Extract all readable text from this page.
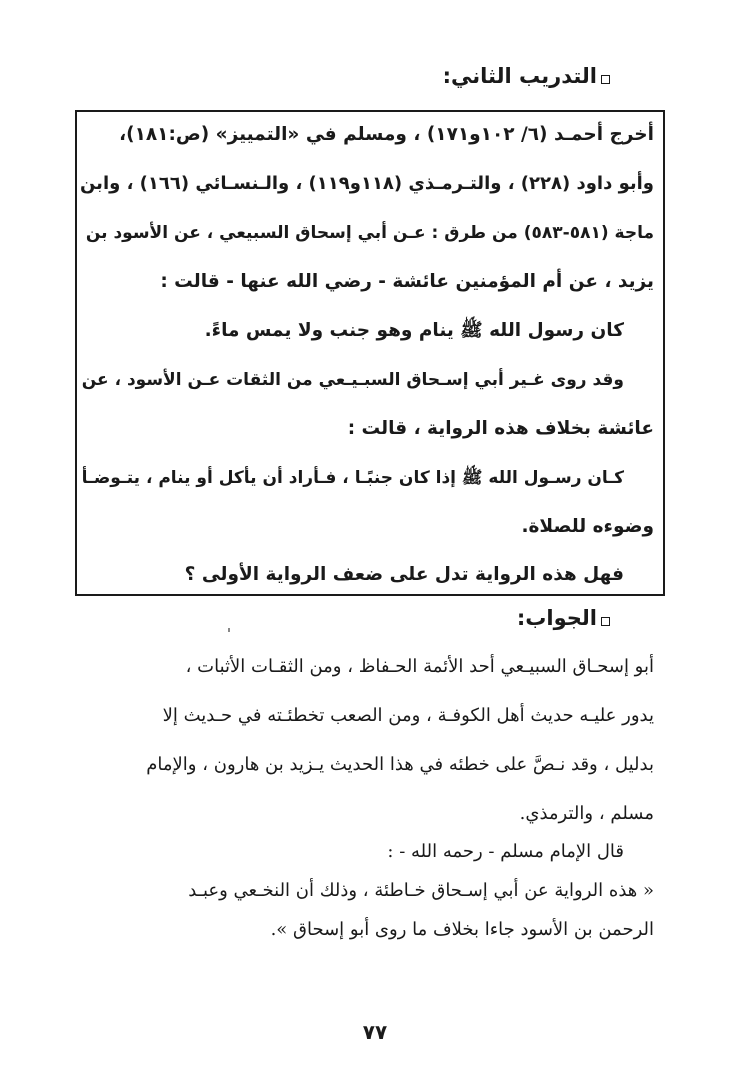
التدريب الثاني:
أخرج أحمـد (٦/ ١٠٢و١٧١) ، ومسلم في «التمييز» (ص:١٨١)،
وأبو داود (٢٢٨) ، والتـرمـذي (١١٨و١١٩) ، والـنسـائي (١٦٦) ، وابن
ماجة (٥٨١-٥٨٣) من طرق : عـن أبي إسحاق السبيعي ، عن الأسود بن
يزيد ، عن أم المؤمنين عائشة - رضي الله عنها - قالت :
كان رسول الله ﷺ ينام وهو جنب ولا يمس ماءً.
وقد روى غـير أبي إسـحاق السبـيـعي من الثقات عـن الأسود ، عن
عائشة بخلاف هذه الرواية ، قالت :
كـان رسـول الله ﷺ إذا كان جنبًـا ، فـأراد أن يأكل أو ينام ، يتـوضـأ
وضوءه للصلاة.
فهل هذه الرواية تدل على ضعف الرواية الأولى ؟
الجواب:
أبو إسحـاق السبيـعي أحد الأئمة الحـفاظ ، ومن الثقـات الأثبات ،
يدور عليـه حديث أهل الكوفـة ، ومن الصعب تخطئـته في حـديث إلا
بدليل ، وقد نـصَّ على خطئه في هذا الحديث يـزيد بن هارون ، والإمام
مسلم ، والترمذي.
قال الإمام مسلم - رحمه الله - :
« هذه الرواية عن أبي إسـحاق خـاطئة ، وذلك أن النخـعي وعبـد
الرحمن بن الأسود جاءا بخلاف ما روى أبو إسحاق ».
٧٧
